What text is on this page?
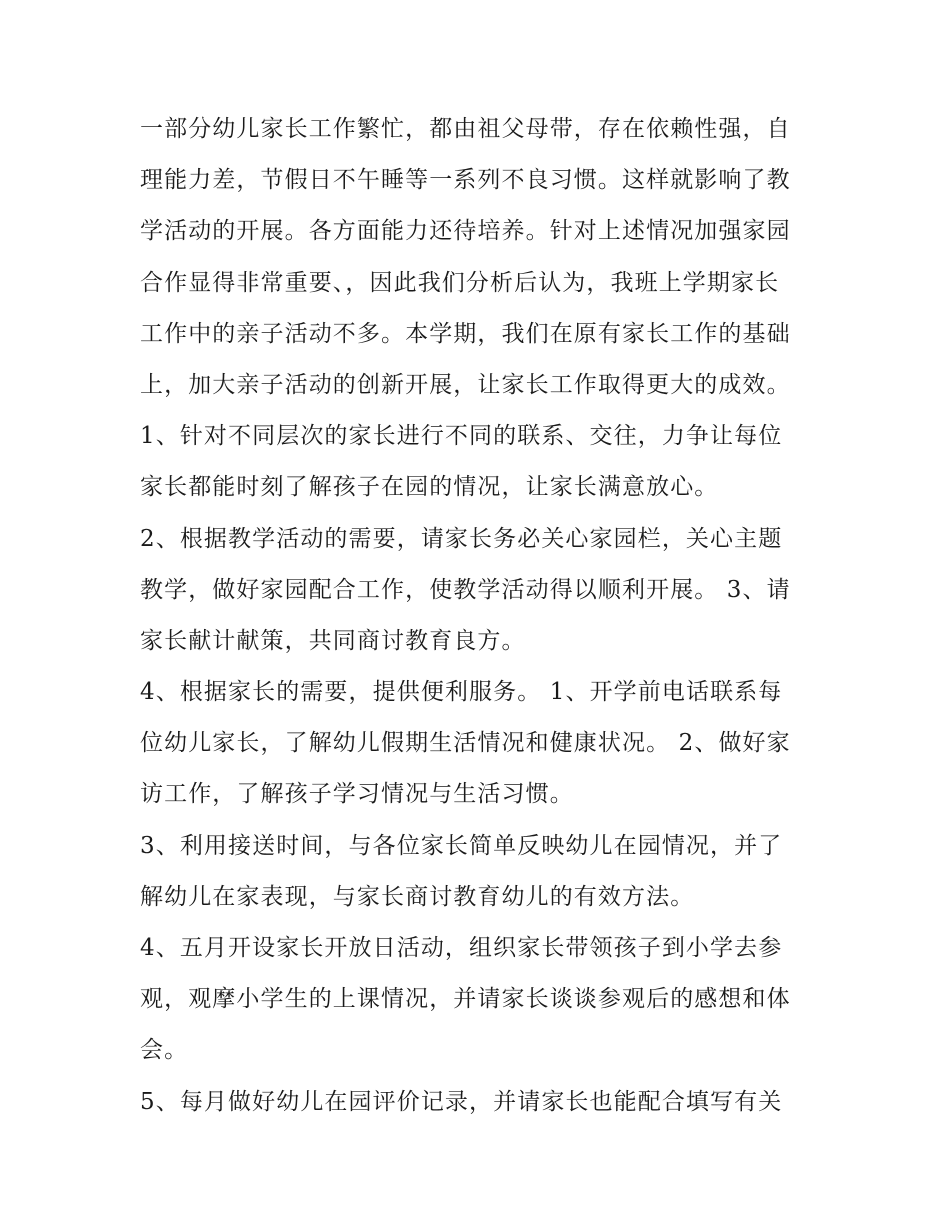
一部分幼儿家长工作繁忙，都由祖父母带，存在依赖性强，自
理能力差，节假日不午睡等一系列不良习惯。这样就影响了教
学活动的开展。各方面能力还待培养。针对上述情况加强家园
合作显得非常重要、，因此我们分析后认为，我班上学期家长
工作中的亲子活动不多。本学期，我们在原有家长工作的基础
上，加大亲子活动的创新开展，让家长工作取得更大的成效。
1、针对不同层次的家长进行不同的联系、交往，力争让每位
家长都能时刻了解孩子在园的情况，让家长满意放心。
2、根据教学活动的需要，请家长务必关心家园栏，关心主题
教学，做好家园配合工作，使教学活动得以顺利开展。 3、请
家长献计献策，共同商讨教育良方。
4、根据家长的需要，提供便利服务。 1、开学前电话联系每
位幼儿家长，了解幼儿假期生活情况和健康状况。 2、做好家
访工作，了解孩子学习情况与生活习惯。
3、利用接送时间，与各位家长简单反映幼儿在园情况，并了
解幼儿在家表现，与家长商讨教育幼儿的有效方法。
4、五月开设家长开放日活动，组织家长带领孩子到小学去参
观，观摩小学生的上课情况，并请家长谈谈参观后的感想和体
会。
5、每月做好幼儿在园评价记录，并请家长也能配合填写有关
